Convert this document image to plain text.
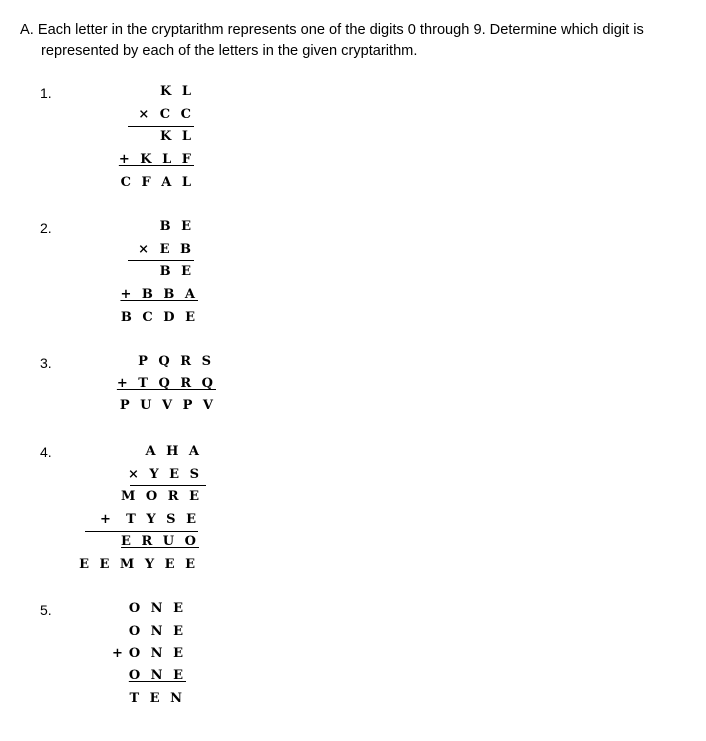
A. Each letter in the cryptarithm represents one of the digits 0 through 9. Determine which digit is
represented by each of the letters in the given cryptarithm.
1.	K L
× C C
K L
+ K L F
C F A L
2.	B E
× E B
B E
+ B B A
B C D E
3.	P Q R S
+ T Q R Q
P U V P V
4.	A H A
× Y E S
M O R E
+ T Y S E
E R U O
E E M Y E E
5.	O N E
O N E
+ O N E
O N E
T E N
